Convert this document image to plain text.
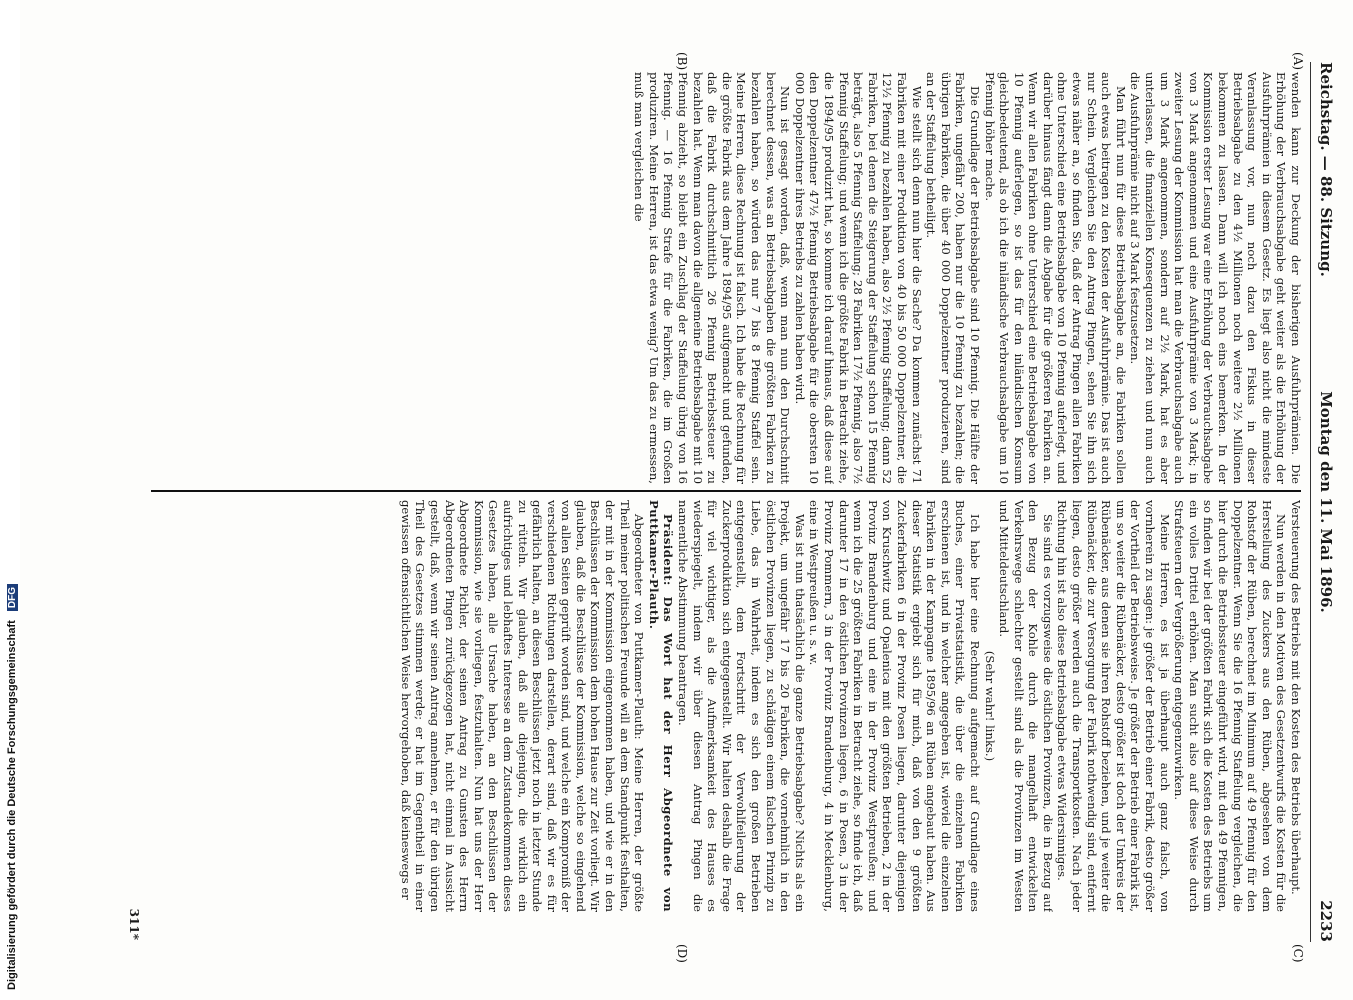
Reichstag. — 88. Sitzung.
Montag den 11. Mai 1896.
2233
(A)
(B)
(C)
(D)

wenden kann zur Deckung der bisherigen Ausfuhrprämien. Die Erhöhung der Verbrauchsabgabe geht weiter als die Erhöhung der Ausfuhrprämien in diesem Gesetz. Es liegt also nicht die mindeste Veranlassung vor, nun noch dazu den Fiskus in dieser Betriebsabgabe zu den 4½ Millionen noch weitere 2½ Millionen bekommen zu lassen. Dann will ich noch eins bemerken. In der Kommission erster Lesung war eine Erhöhung der Verbrauchsabgabe von 3 Mark angenommen und eine Ausfuhrprämie von 3 Mark; in zweiter Lesung der Kommission hat man die Verbrauchsabgabe auch um 3 Mark angenommen, sondern auf 2½ Mark, hat es aber unterlassen, die finanziellen Konsequenzen zu ziehen und nun auch die Ausfuhrprämie nicht auf 3 Mark festzusetzen.

Man führt nun für diese Betriebsabgabe an, die Fabriken sollen auch etwas beitragen zu den Kosten der Ausfuhrprämie. Das ist auch nur Schein. Vergleichen Sie den Antrag Pingen, sehen Sie ihn sich etwas näher an, so finden Sie, daß der Antrag Pingen allen Fabriken ohne Unterschied eine Betriebsabgabe von 10 Pfennig auferlegt, und darüber hinaus fängt dann die Abgabe für die größeren Fabriken an. Wenn wir allen Fabriken ohne Unterschied eine Betriebsabgabe von 10 Pfennig auferlegen, so ist das für den inländischen Konsum gleichbedeutend, als ob ich die inländische Verbrauchsabgabe um 10 Pfennig höher mache.

Die Grundlage der Betriebsabgabe sind 10 Pfennig. Die Hälfte der Fabriken, ungefähr 200, haben nur die 10 Pfennig zu bezahlen; die übrigen Fabriken, die über 40 000 Doppelzentner produzieren, sind an der Staffelung betheiligt.

Wie stellt sich denn nun hier die Sache? Da kommen zunächst 71 Fabriken mit einer Produktion von 40 bis 50 000 Doppelzentner, die 12½ Pfennig zu bezahlen haben, also 2½ Pfennig Staffelung; dann 52 Fabriken, bei denen die Steigerung der Staffelung schon 15 Pfennig beträgt, also 5 Pfennig Staffelung; 28 Fabriken 17½ Pfennig, also 7½ Pfennig Staffelung; und wenn ich die größte Fabrik in Betracht ziehe, die 1894/95 produzirt hat, so komme ich darauf hinaus, daß diese auf den Doppelzentner 47½ Pfennig Betriebsabgabe für die obersten 10 000 Doppelzentner ihres Betriebs zu zahlen haben wird.

Nun ist gesagt worden, daß, wenn man nun den Durchschnitt berechnet dessen, was an Betriebsabgaben die größten Fabriken zu bezahlen haben, so würden das nur 7 bis 8 Pfennig Staffel sein. Meine Herren, diese Rechnung ist falsch. Ich habe die Rechnung für die größte Fabrik aus dem Jahre 1894/95 aufgemacht und gefunden, daß die Fabrik durchschnittlich 26 Pfennig Betriebssteuer zu bezahlen hat. Wenn man davon die allgemeine Betriebsabgabe mit 10 Pfennig abzieht, so bleibt ein Zuschlag der Staffelung übrig von 16 Pfennig. — 16 Pfennig Strafe für die Fabriken, die im Großen produziren. Meine Herren, ist das etwa wenig? Um das zu ermessen, muß man vergleichen die

Versteuerung des Betriebs mit den Kosten des Betriebs überhaupt.

Nun werden in den Motiven des Gesetzentwurfs die Kosten für die Herstellung des Zuckers aus den Rüben, abgesehen von dem Rohstoff der Rüben, berechnet im Minimum auf 49 Pfennig für den Doppelzentner. Wenn Sie die 16 Pfennig Staffelung vergleichen, die hier durch die Betriebssteuer eingeführt wird, mit den 49 Pfennigen, so finden wir bei der größten Fabrik sich die Kosten des Betriebs um ein volles Drittel erhöhen. Man sucht also auf diese Weise durch Strafsteuern der Vergrößerung entgegenzuwirken.

Meine Herren, es ist ja überhaupt auch ganz falsch, von vornherein zu sagen: je größer der Betrieb einer Fabrik, desto größer der Vortheil der Betriebsweise. Je größer der Betrieb einer Fabrik ist, um so weiter die Rübenäcker, desto größer ist doch der Umkreis der Rübenäcker, aus denen sie ihren Rohstoff beziehen, und je weiter die Rübenäcker, die zur Versorgung der Fabrik nothwendig sind, entfernt liegen, desto größer werden auch die Transportkosten. Nach jeder Richtung hin ist also diese Betriebsabgabe etwas Widersinniges.

Sie sind es vorzugsweise die östlichen Provinzen, die in Bezug auf den Bezug der Kohle durch die mangelhaft entwickelten Verkehrswege schlechter gestellt sind als die Provinzen im Westen und Mitteldeutschland.

(Sehr wahr! links.)

Ich habe hier eine Rechnung aufgemacht auf Grundlage eines Buches, einer Privatstatistik, die über die einzelnen Fabriken erschienen ist, und in welcher angegeben ist, wieviel die einzelnen Fabriken in der Kampagne 1895/96 an Rüben angebaut haben. Aus dieser Statistik ergiebt sich für mich, daß von den 9 größten Zuckerfabriken 6 in der Provinz Posen liegen, darunter diejenigen von Kruschwitz und Opalenica mit den größten Betrieben, 2 in der Provinz Brandenburg und eine in der Provinz Westpreußen; und wenn ich die 25 größten Fabriken in Betracht ziehe, so finde ich, daß darunter 17 in den östlichen Provinzen liegen, 6 in Posen, 3 in der Provinz Pommern, 3 in der Provinz Brandenburg, 4 in Mecklenburg, eine in Westpreußen u. s. w.

Was ist nun thatsächlich die ganze Betriebsabgabe? Nichts als ein Projekt, um ungefähr 17 bis 20 Fabriken, die vornehmlich in den östlichen Provinzen liegen, zu schädigen einem falschen Prinzip zu Liebe, das in Wahrheit, indem es sich den großen Betrieben entgegenstellt, dem Fortschritt der Verwohlfeilerung der Zuckerproduktion sich entgegenstellt. Wir halten deshalb die Frage für viel wichtiger, als die Aufmerksamkeit des Hauses es wiederspiegelt, indem wir über diesen Antrag Pingen die namentliche Abstimmung beantragen.

Präsident: Das Wort hat der Herr Abgeordnete von Puttkamer-Plauth.

Abgeordneter von Puttkamer-Plauth: Meine Herren, der größte Theil meiner politischen Freunde will an dem Standpunkt festhalten, der mit in der Kommission eingenommen haben, und wie er in den Beschlüssen der Kommission dem hohen Hause zur Zeit vorliegt. Wir glauben, daß die Beschlüsse der Kommission, welche so eingehend von allen Seiten geprüft worden sind, und welche ein Kompromiß der verschiedenen Richtungen darstellen, derart sind, daß wir es für gefährlich halten, an diesen Beschlüssen jetzt noch in letzter Stunde zu rütteln. Wir glauben, daß alle diejenigen, die wirklich ein aufrichtiges und lebhaftes Interesse an dem Zustandekommen dieses Gesetzes haben, alle Ursache haben, an den Beschlüssen der Kommission, wie sie vorliegen, festzuhalten. Nun hat uns der Herr Abgeordnete Pichler, der seinen Antrag zu Gunsten des Herrn Abgeordneten Pingen zurückgezogen hat, nicht einmal in Aussicht gestellt, daß, wenn wir seinen Antrag annehmen, er für den übrigen Theil des Gesetzes stimmen werde; er hat im Gegentheil in einer gewissen offensichtlichen Weise hervorgehoben, daß keineswegs er

311*
Digitalisierung gefördert durch die Deutsche Forschungsgemeinschaft DFG
